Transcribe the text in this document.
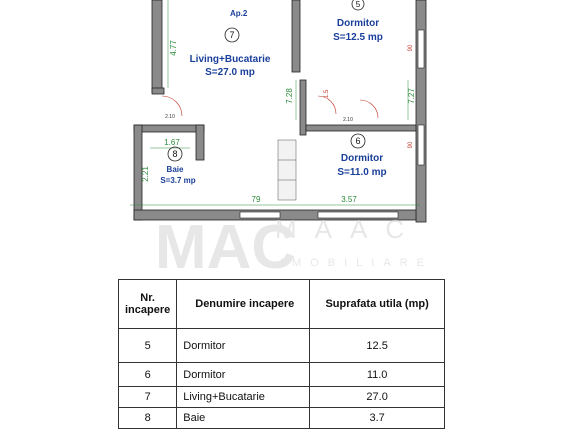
Ap.2
7
Living+Bucatarie
S=27.0 mp
5
Dormitor
S=12.5 mp
6
Dormitor
S=11.0 mp
8
Baie
S=3.7 mp
4.77
7.28	7.27
1.67
2.21
79	3.57
2.10	2.10
90
90
1.5
MAC
MAAC
IMOBILIARE
Nr. incapere	Denumire incapere	Suprafata utila (mp)
5	Dormitor	12.5
6	Dormitor	11.0
7	Living+Bucatarie	27.0
8	Baie	3.7
